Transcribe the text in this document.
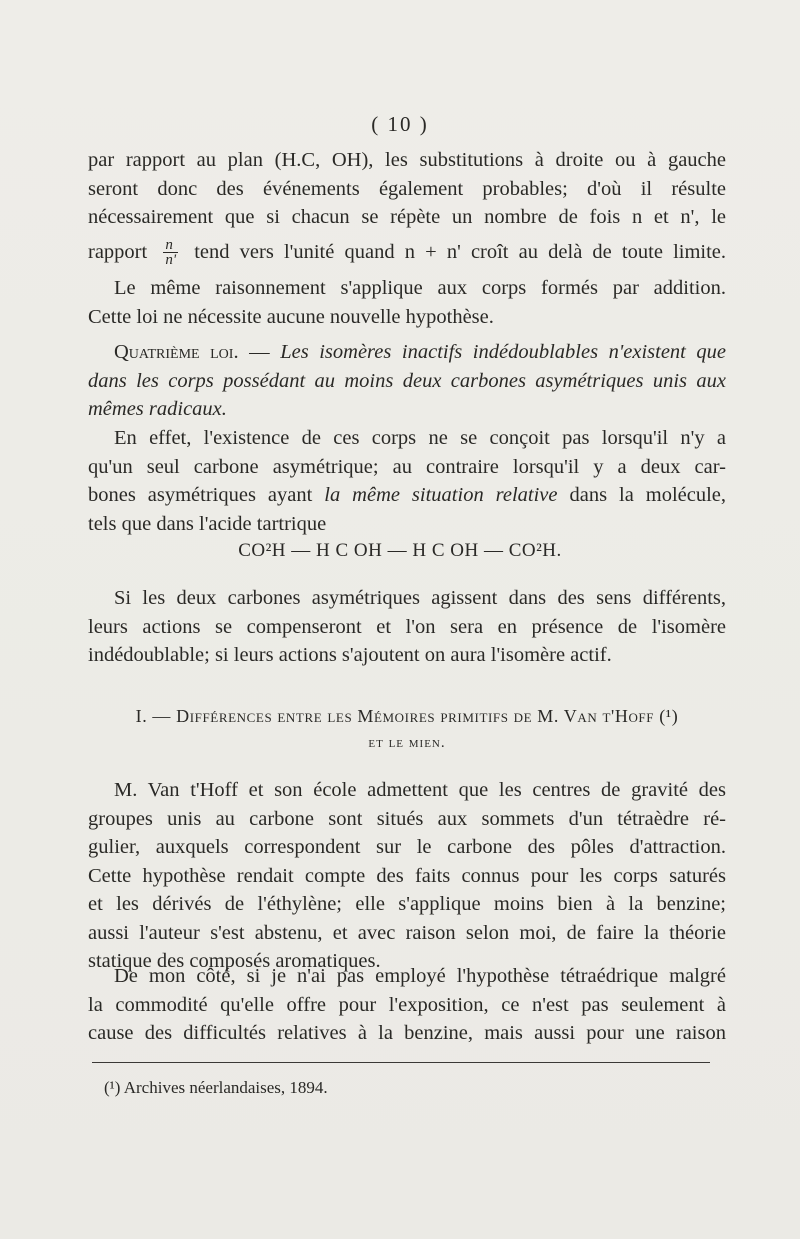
( 10 )
par rapport au plan (H.C, OH), les substitutions à droite ou à gauche
seront donc des événements également probables; d'où il résulte
nécessairement que si chacun se répète un nombre de fois n et n', le
rapport $\frac{n}{n'}$ tend vers l'unité quand n + n' croît au delà de toute limite.
Le même raisonnement s'applique aux corps formés par addition.
Cette loi ne nécessite aucune nouvelle hypothèse.
Quatrième loi. — Les isomères inactifs indédoublables n'existent que
dans les corps possédant au moins deux carbones asymétriques unis aux
mêmes radicaux.
En effet, l'existence de ces corps ne se conçoit pas lorsqu'il n'y a
qu'un seul carbone asymétrique; au contraire lorsqu'il y a deux car-
bones asymétriques ayant la même situation relative dans la molécule,
tels que dans l'acide tartrique
CO²H — H C OH — H C OH — CO²H.
Si les deux carbones asymétriques agissent dans des sens différents,
leurs actions se compenseront et l'on sera en présence de l'isomère
indédoublable; si leurs actions s'ajoutent on aura l'isomère actif.
I. — Différences entre les Mémoires primitifs de M. Van t'Hoff (¹)
et le mien.
M. Van t'Hoff et son école admettent que les centres de gravité des
groupes unis au carbone sont situés aux sommets d'un tétraèdre ré-
gulier, auxquels correspondent sur le carbone des pôles d'attraction.
Cette hypothèse rendait compte des faits connus pour les corps saturés
et les dérivés de l'éthylène; elle s'applique moins bien à la benzine;
aussi l'auteur s'est abstenu, et avec raison selon moi, de faire la théorie
statique des composés aromatiques.
De mon côté, si je n'ai pas employé l'hypothèse tétraédrique malgré
la commodité qu'elle offre pour l'exposition, ce n'est pas seulement à
cause des difficultés relatives à la benzine, mais aussi pour une raison
(¹) Archives néerlandaises, 1894.
